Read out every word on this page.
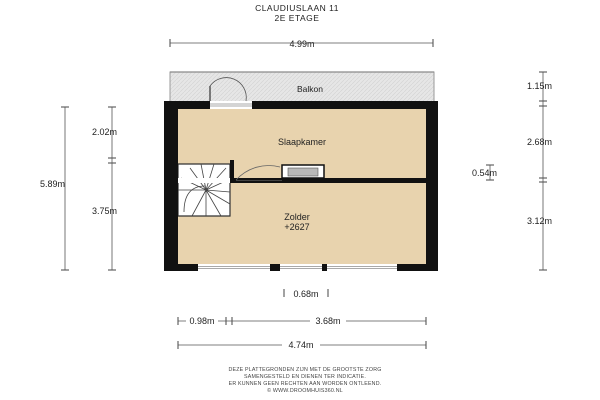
CLAUDIUSLAAN 11
2E ETAGE
4.99m
Balkon
Slaapkamer
Zolder
+2627
5.89m
2.02m
3.75m
1.15m
2.68m
3.12m
0.54m
0.68m
0.98m	3.68m
4.74m
DEZE PLATTEGRONDEN ZIJN MET DE GROOTSTE ZORG
SAMENGESTELD EN DIENEN TER INDICATIE.
ER KUNNEN GEEN RECHTEN AAN WORDEN ONTLEEND.
© WWW.DROOMHUIS360.NL
